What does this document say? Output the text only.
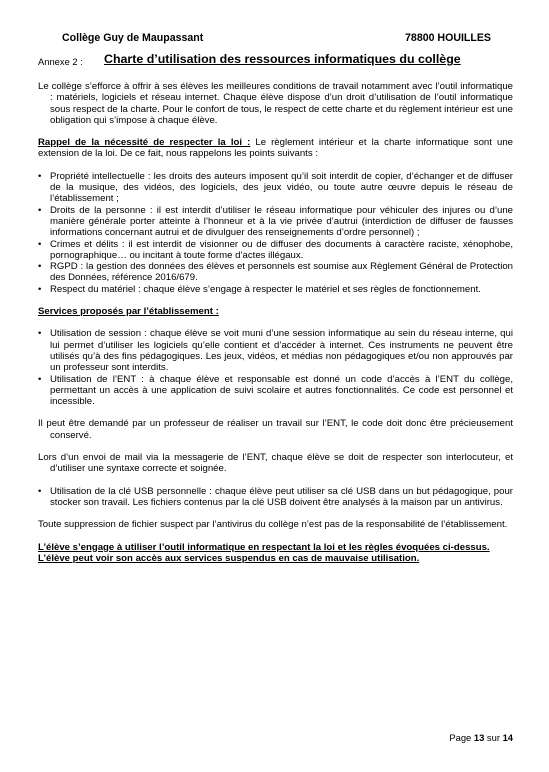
Collège Guy de Maupassant	78800 HOUILLES
Annexe 2 : Charte d’utilisation des ressources informatiques du collège

Le collège s’efforce à offrir à ses élèves les meilleures conditions de travail notamment avec l’outil informatique : matériels, logiciels et réseau internet. Chaque élève dispose d’un droit d’utilisation de l’outil informatique sous respect de la charte. Pour le confort de tous, le respect de cette charte et du règlement intérieur est une obligation qui s’impose à chaque élève.

Rappel de la nécessité de respecter la loi : Le règlement intérieur et la charte informatique sont une extension de la loi. De ce fait, nous rappelons les points suivants :

• Propriété intellectuelle : les droits des auteurs imposent qu’il soit interdit de copier, d’échanger et de diffuser de la musique, des vidéos, des logiciels, des jeux vidéo, ou toute autre œuvre depuis le réseau de l’établissement ;
• Droits de la personne : il est interdit d’utiliser le réseau informatique pour véhiculer des injures ou d’une manière générale porter atteinte à l’honneur et à la vie privée d’autrui (interdiction de diffuser de fausses informations concernant autrui et de divulguer des renseignements d’ordre personnel) ;
• Crimes et délits : il est interdit de visionner ou de diffuser des documents à caractère raciste, xénophobe, pornographique… ou incitant à toute forme d’actes illégaux.
• RGPD : la gestion des données des élèves et personnels est soumise aux Règlement Général de Protection des Données, référence 2016/679.
• Respect du matériel : chaque élève s’engage à respecter le matériel et ses règles de fonctionnement.

Services proposés par l’établissement :

• Utilisation de session : chaque élève se voit muni d’une session informatique au sein du réseau interne, qui lui permet d’utiliser les logiciels qu’elle contient et d’accéder à internet. Ces instruments ne peuvent être utilisés qu’à des fins pédagogiques. Les jeux, vidéos, et médias non pédagogiques et/ou non approuvés par un professeur sont interdits.
• Utilisation de l’ENT : à chaque élève et responsable est donné un code d’accès à l’ENT du collège, permettant un accès à une application de suivi scolaire et autres fonctionnalités. Ce code est personnel et incessible.

Il peut être demandé par un professeur de réaliser un travail sur l’ENT, le code doit donc être précieusement conservé.

Lors d’un envoi de mail via la messagerie de l’ENT, chaque élève se doit de respecter son interlocuteur, et d’utiliser une syntaxe correcte et soignée.

• Utilisation de la clé USB personnelle : chaque élève peut utiliser sa clé USB dans un but pédagogique, pour stocker son travail. Les fichiers contenus par la clé USB doivent être analysés à la maison par un antivirus.

Toute suppression de fichier suspect par l’antivirus du collège n’est pas de la responsabilité de l’établissement.

L’élève s’engage à utiliser l’outil informatique en respectant la loi et les règles évoquées ci-dessus.

L’élève peut voir son accès aux services suspendus en cas de mauvaise utilisation.

Page 13 sur 14
